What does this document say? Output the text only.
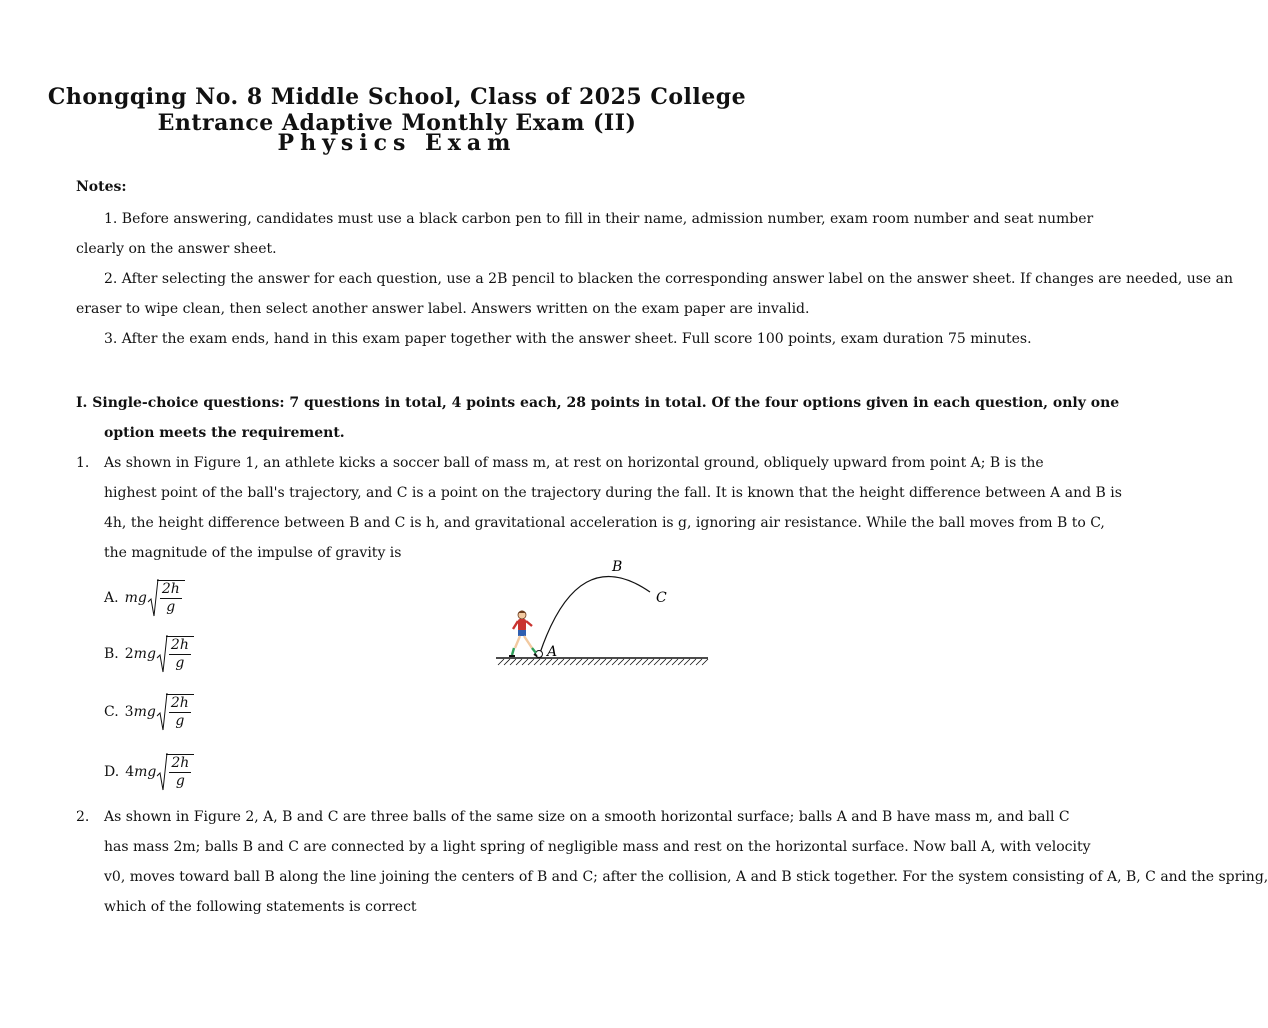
Chongqing No. 8 Middle School, Class of 2025 College Entrance Adaptive Monthly Exam (II)
Physics Exam
Notes:
1. Before answering, candidates must use a black carbon pen to fill in their name, admission number, exam room number and seat number
clearly on the answer sheet.
2. After selecting the answer for each question, use a 2B pencil to blacken the corresponding answer label on the answer sheet. If changes are needed, use an
eraser to wipe clean, then select another answer label. Answers written on the exam paper are invalid.
3. After the exam ends, hand in this exam paper together with the answer sheet. Full score 100 points, exam duration 75 minutes.
I. Single-choice questions: 7 questions in total, 4 points each, 28 points in total. Of the four options given in each question, only one
option meets the requirement.
1. As shown in Figure 1, an athlete kicks a soccer ball of mass m, at rest on horizontal ground, obliquely upward from point A; B is the
highest point of the ball's trajectory, and C is a point on the trajectory during the fall. It is known that the height difference between A and B is
4h, the height difference between B and C is h, and gravitational acceleration is g, ignoring air resistance. While the ball moves from B to C,
the magnitude of the impulse of gravity is
A. mg $\frac{2h}{g}$
B. 2 mg $\frac{2h}{g}$
C. 3 mg $\frac{2h}{g}$
D. 4 mg $\frac{2h}{g}$
A
B
C
2. As shown in Figure 2, A, B and C are three balls of the same size on a smooth horizontal surface; balls A and B have mass m, and ball C
has mass 2m; balls B and C are connected by a light spring of negligible mass and rest on the horizontal surface. Now ball A, with velocity
v0, moves toward ball B along the line joining the centers of B and C; after the collision, A and B stick together. For the system consisting of A, B, C and the spring,
which of the following statements is correct
